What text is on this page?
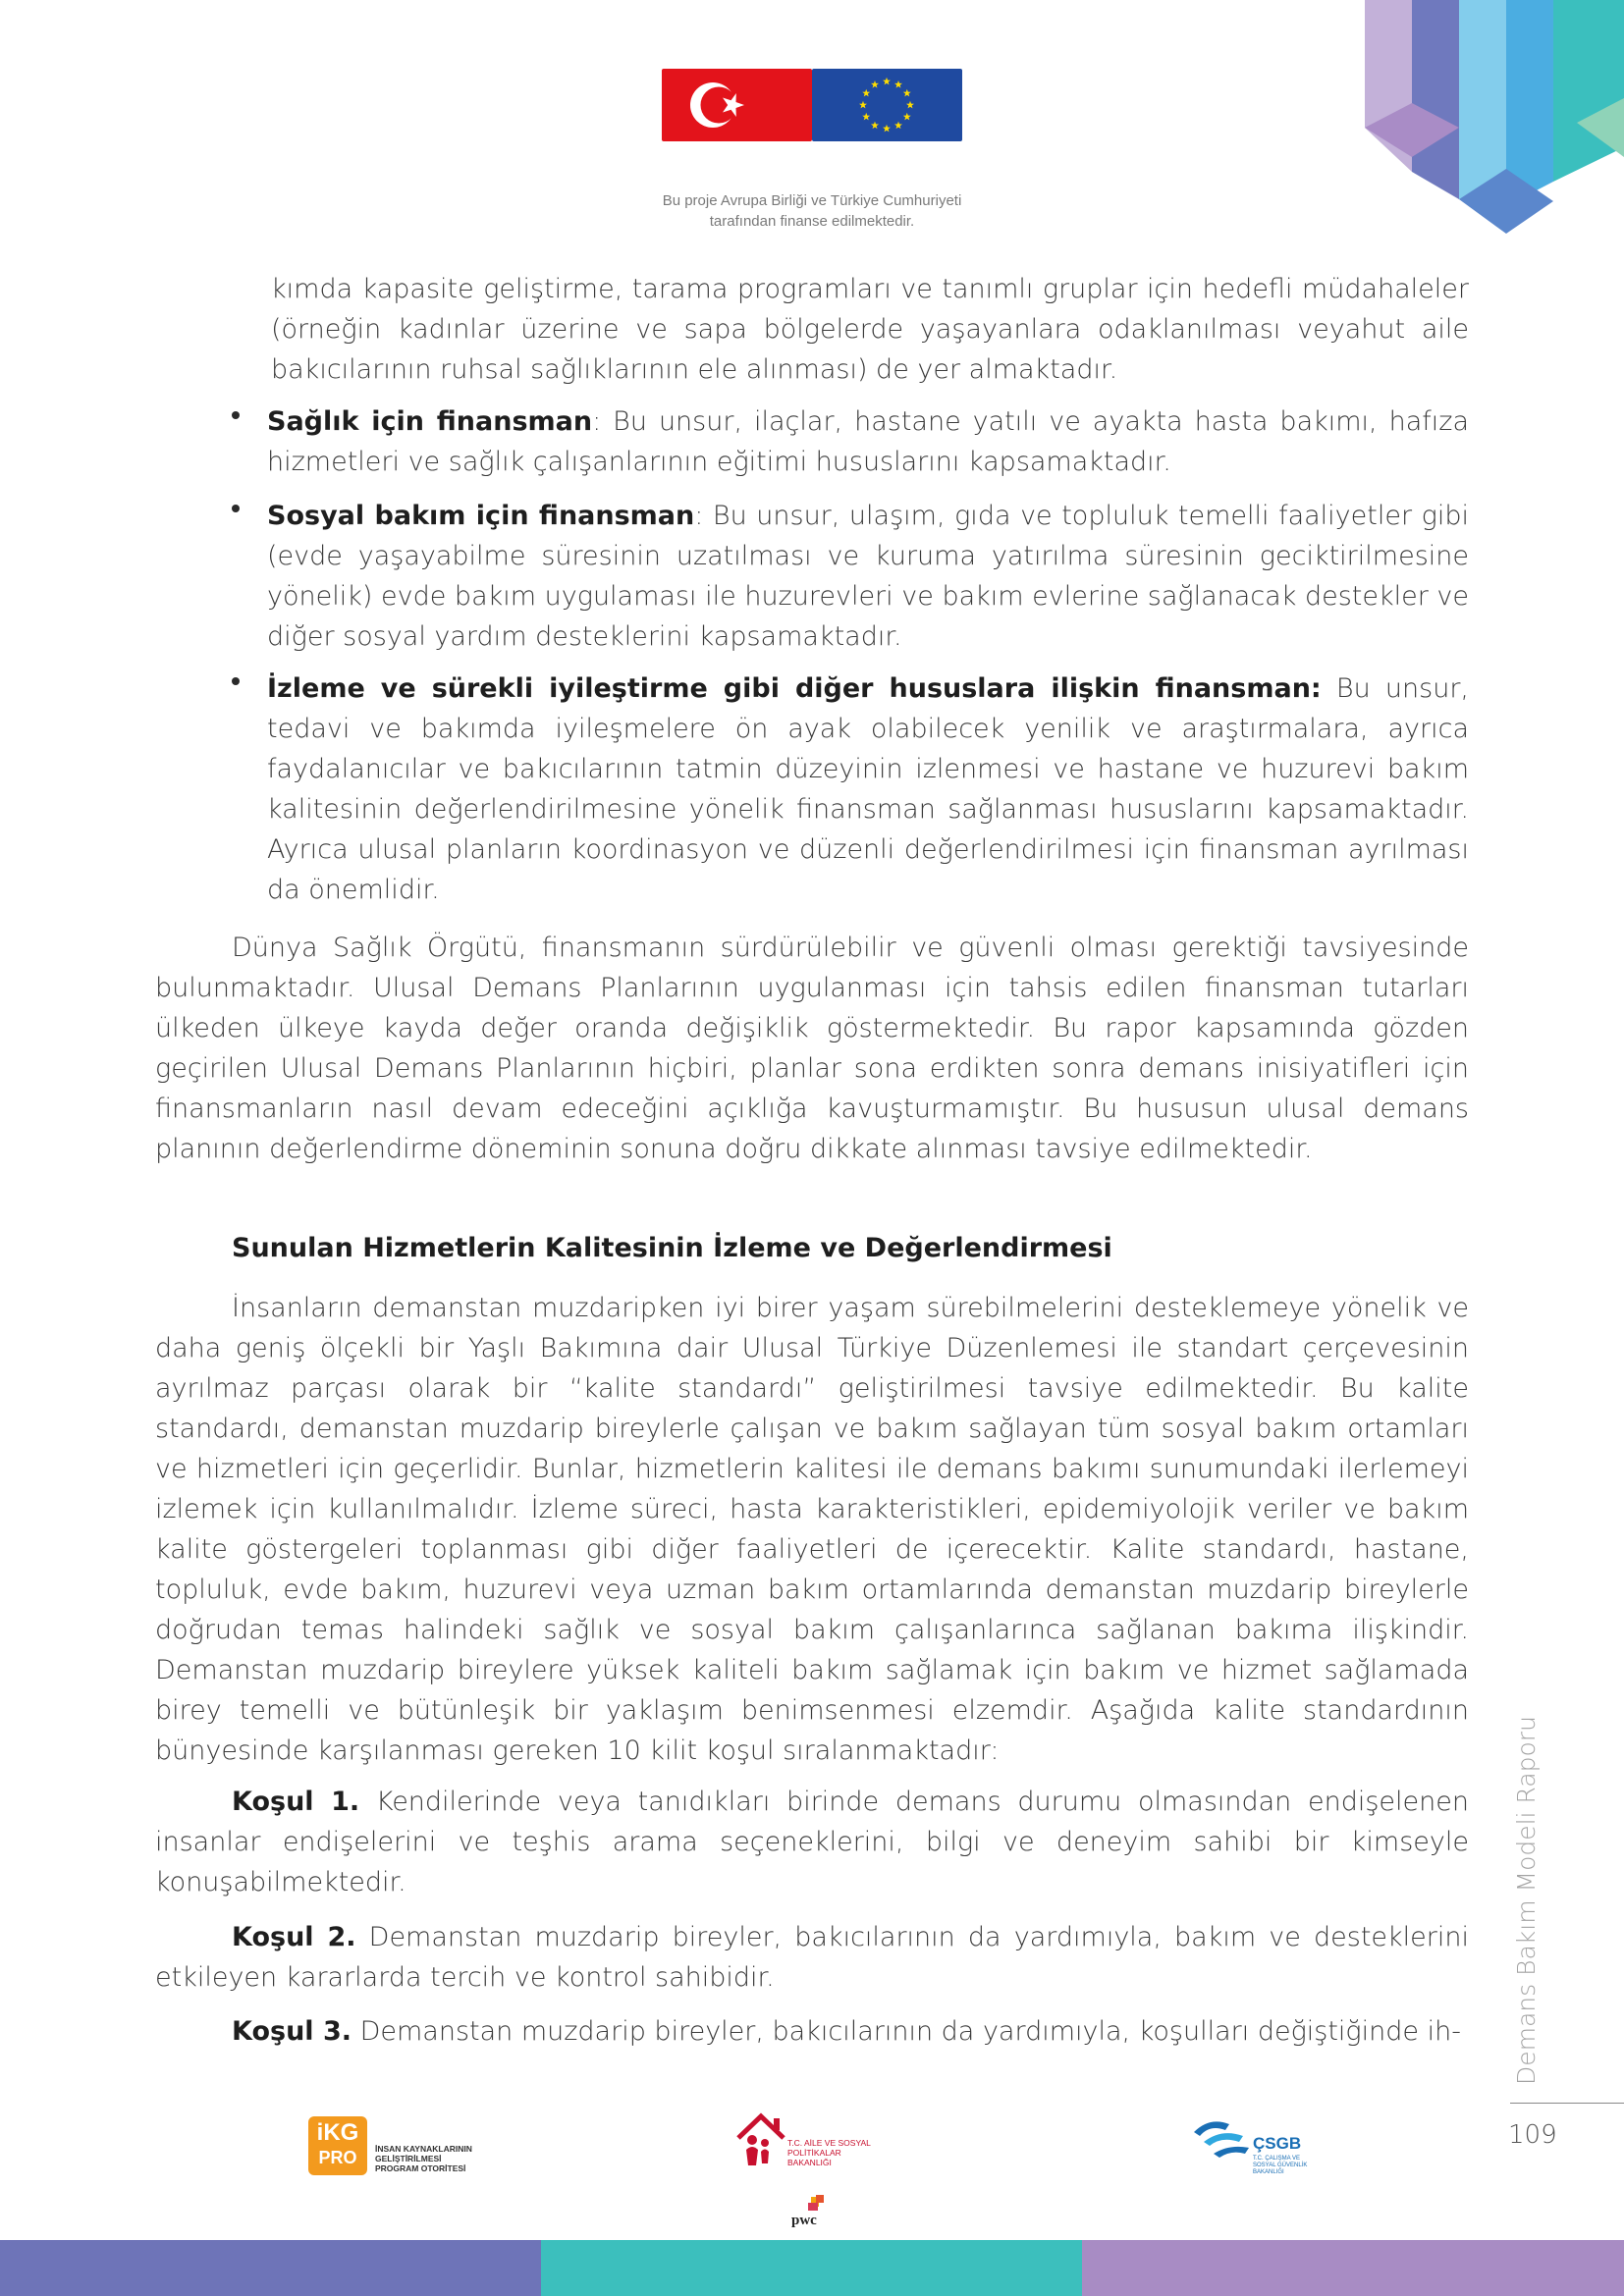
Bu proje Avrupa Birliği ve Türkiye Cumhuriyeti
tarafından finanse edilmektedir.

kımda kapasite geliştirme, tarama programları ve tanımlı gruplar için hedefli müdahaleler (örneğin kadınlar üzerine ve sapa bölgelerde yaşayanlara odaklanılması veyahut aile bakıcılarının ruhsal sağlıklarının ele alınması) de yer almaktadır.

Sağlık için finansman: Bu unsur, ilaçlar, hastane yatılı ve ayakta hasta bakımı, hafıza hizmetleri ve sağlık çalışanlarının eğitimi hususlarını kapsamaktadır.

Sosyal bakım için finansman: Bu unsur, ulaşım, gıda ve topluluk temelli faaliyetler gibi (evde yaşayabilme süresinin uzatılması ve kuruma yatırılma süresinin geciktirilmesine yönelik) evde bakım uygulaması ile huzurevleri ve bakım evlerine sağlanacak destekler ve diğer sosyal yardım desteklerini kapsamaktadır.

İzleme ve sürekli iyileştirme gibi diğer hususlara ilişkin finansman: Bu unsur, tedavi ve bakımda iyileşmelere ön ayak olabilecek yenilik ve araştırmalara, ayrıca faydalanıcılar ve bakıcılarının tatmin düzeyinin izlenmesi ve hastane ve huzurevi bakım kalitesinin değerlendirilmesine yönelik finansman sağlanması hususlarını kapsamaktadır. Ayrıca ulusal planların koordinasyon ve düzenli değerlendirilmesi için finansman ayrılması da önemlidir.

Dünya Sağlık Örgütü, finansmanın sürdürülebilir ve güvenli olması gerektiği tavsiyesinde bulunmaktadır. Ulusal Demans Planlarının uygulanması için tahsis edilen finansman tutarları ülkeden ülkeye kayda değer oranda değişiklik göstermektedir. Bu rapor kapsamında gözden geçirilen Ulusal Demans Planlarının hiçbiri, planlar sona erdikten sonra demans inisiyatifleri için finansmanların nasıl devam edeceğini açıklığa kavuşturmamıştır. Bu hususun ulusal demans planının değerlendirme döneminin sonuna doğru dikkate alınması tavsiye edilmektedir.

Sunulan Hizmetlerin Kalitesinin İzleme ve Değerlendirmesi

İnsanların demanstan muzdaripken iyi birer yaşam sürebilmelerini desteklemeye yönelik ve daha geniş ölçekli bir Yaşlı Bakımına dair Ulusal Türkiye Düzenlemesi ile standart çerçevesinin ayrılmaz parçası olarak bir “kalite standardı” geliştirilmesi tavsiye edilmektedir. Bu kalite standardı, demanstan muzdarip bireylerle çalışan ve bakım sağlayan tüm sosyal bakım ortamları ve hizmetleri için geçerlidir. Bunlar, hizmetlerin kalitesi ile demans bakımı sunumundaki ilerlemeyi izlemek için kullanılmalıdır. İzleme süreci, hasta karakteristikleri, epidemiyolojik veriler ve bakım kalite göstergeleri toplanması gibi diğer faaliyetleri de içerecektir. Kalite standardı, hastane, topluluk, evde bakım, huzurevi veya uzman bakım ortamlarında demanstan muzdarip bireylerle doğrudan temas halindeki sağlık ve sosyal bakım çalışanlarınca sağlanan bakıma ilişkindir. Demanstan muzdarip bireylere yüksek kaliteli bakım sağlamak için bakım ve hizmet sağlamada birey temelli ve bütünleşik bir yaklaşım benimsenmesi elzemdir. Aşağıda kalite standardının bünyesinde karşılanması gereken 10 kilit koşul sıralanmaktadır:

Koşul 1. Kendilerinde veya tanıdıkları birinde demans durumu olmasından endişelenen insanlar endişelerini ve teşhis arama seçeneklerini, bilgi ve deneyim sahibi bir kimseyle konuşabilmektedir.

Koşul 2. Demanstan muzdarip bireyler, bakıcılarının da yardımıyla, bakım ve desteklerini etkileyen kararlarda tercih ve kontrol sahibidir.

Koşul 3. Demanstan muzdarip bireyler, bakıcılarının da yardımıyla, koşulları değiştiğinde ih-	Demans Bakım Modeli Raporu
109
iKG
PRO	İNSAN KAYNAKLARININ GELİŞTİRİLMESİ PROGRAM OTORİTESİ
T.C. AİLE VE SOSYAL POLİTİKALAR BAKANLIĞI
pwc
ÇSGB
T.C. ÇALIŞMA VE SOSYAL GÜVENLİK BAKANLIĞI
